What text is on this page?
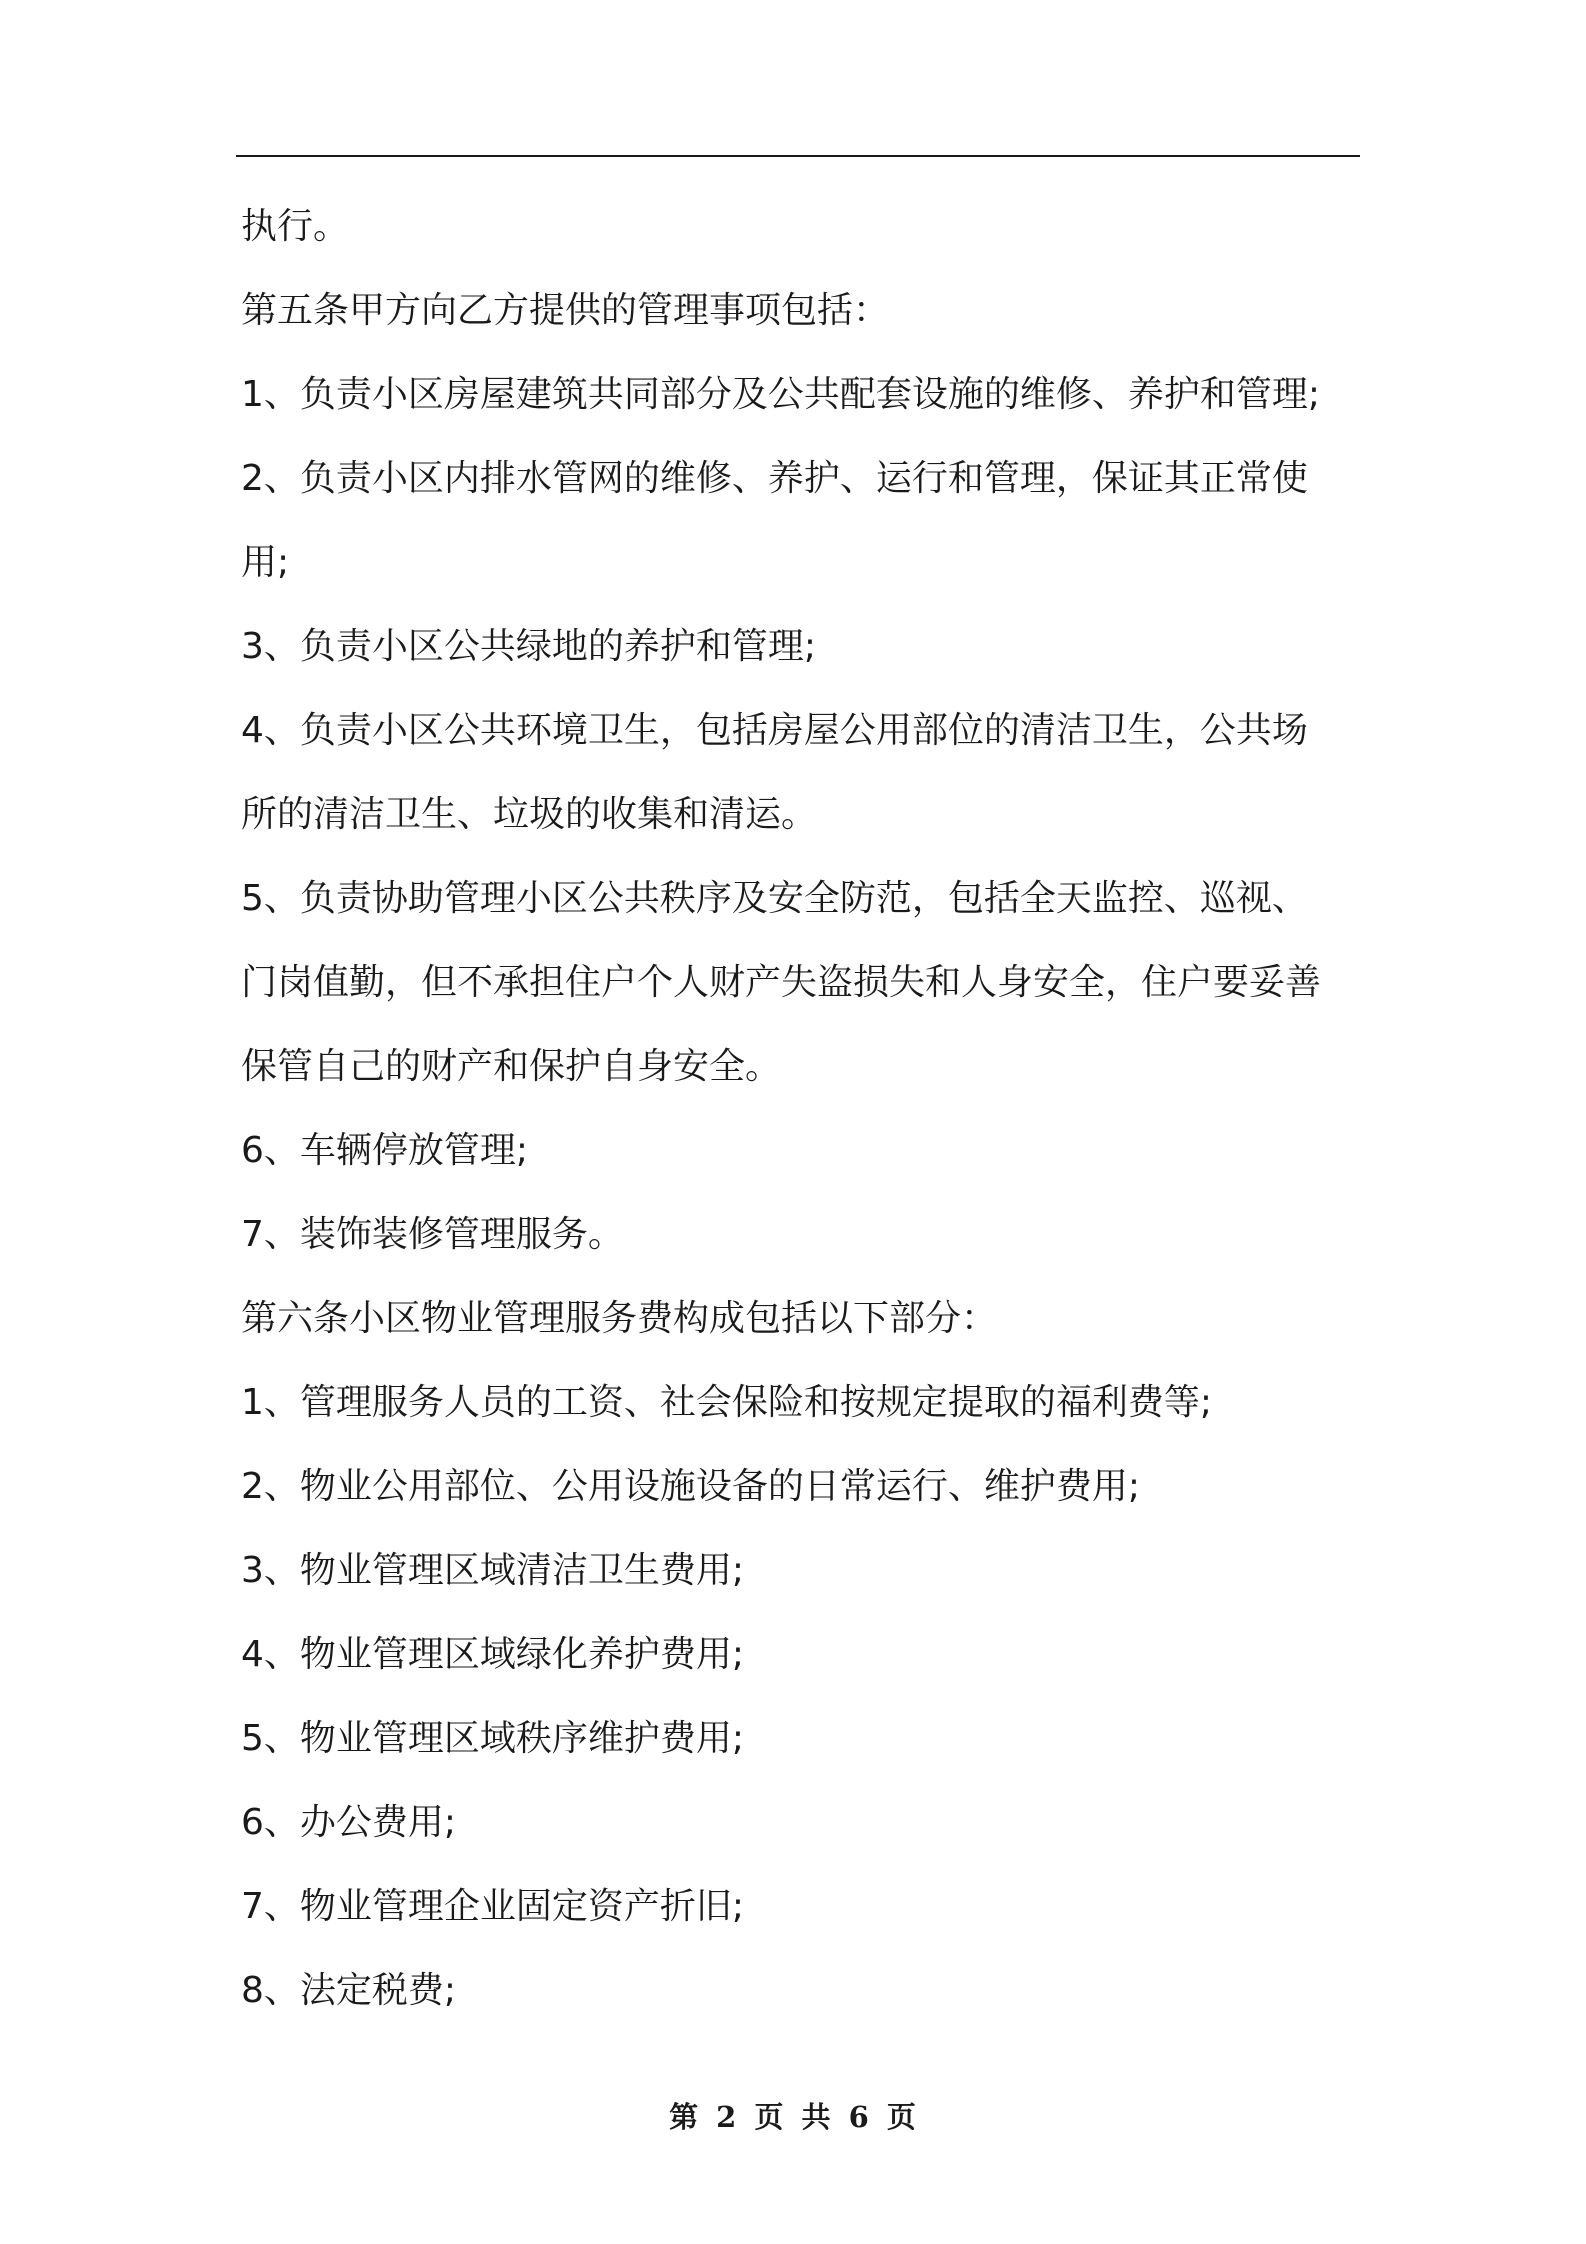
执行。
第五条甲方向乙方提供的管理事项包括：
1、负责小区房屋建筑共同部分及公共配套设施的维修、养护和管理;
2、负责小区内排水管网的维修、养护、运行和管理，保证其正常使
用;
3、负责小区公共绿地的养护和管理;
4、负责小区公共环境卫生，包括房屋公用部位的清洁卫生，公共场
所的清洁卫生、垃圾的收集和清运。
5、负责协助管理小区公共秩序及安全防范，包括全天监控、巡视、
门岗值勤，但不承担住户个人财产失盗损失和人身安全，住户要妥善
保管自己的财产和保护自身安全。
6、车辆停放管理;
7、装饰装修管理服务。
第六条小区物业管理服务费构成包括以下部分：
1、管理服务人员的工资、社会保险和按规定提取的福利费等;
2、物业公用部位、公用设施设备的日常运行、维护费用;
3、物业管理区域清洁卫生费用;
4、物业管理区域绿化养护费用;
5、物业管理区域秩序维护费用;
6、办公费用;
7、物业管理企业固定资产折旧;
8、法定税费;
第 2 页 共 6 页
